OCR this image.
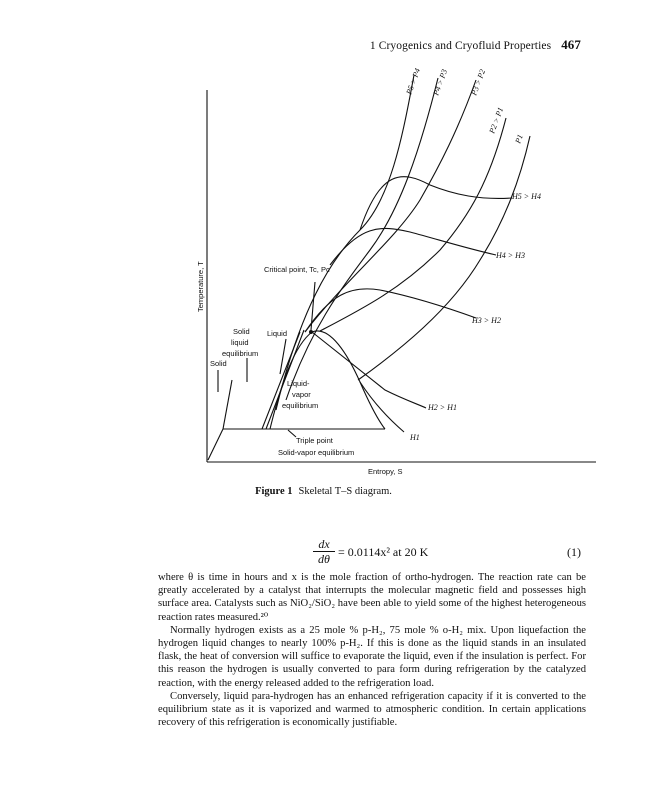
1 Cryogenics and Cryofluid Properties 467
Temperature, T
Entropy, S
Critical point, Tc, Pc
Liquid
Solid
liquid
equilibrium
Solid
Liquid-
vapor
equilibrium
Triple point
Solid-vapor equilibrium
P5 > P4 P4 > P3	P3 > P2
P2 > P1
P1
H5 > H4
H4 > H3
H3 > H2
H2 > H1
H1
Figure 1 Skeletal T–S diagram.
$\frac{dx}{d\theta} = 0.0114x^2$ at 20 K	(1)

where θ is time in hours and x is the mole fraction of ortho-hydrogen. The reaction rate can be greatly accelerated by a catalyst that interrupts the molecular magnetic field and possesses high surface area. Catalysts such as NiO₂/SiO₂ have been able to yield some of the highest heterogeneous reaction rates measured.²⁰

Normally hydrogen exists as a 25 mole % p-H₂, 75 mole % o-H₂ mix. Upon liquefaction the hydrogen liquid changes to nearly 100% p-H₂. If this is done as the liquid stands in an insulated flask, the heat of conversion will suffice to evaporate the liquid, even if the insulation is perfect. For this reason the hydrogen is usually converted to para form during refrigeration by the catalyzed reaction, with the energy released added to the refrigeration load.

Conversely, liquid para-hydrogen has an enhanced refrigeration capacity if it is converted to the equilibrium state as it is vaporized and warmed to atmospheric condition. In certain applications recovery of this refrigeration is economically justifiable.
